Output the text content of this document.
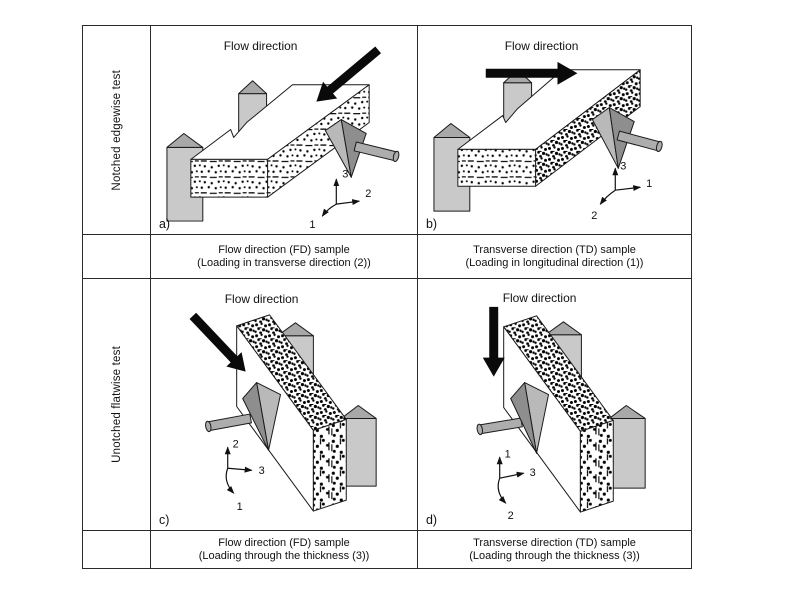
Notched edgewise test
Flow direction
3
2
1
a)
Flow direction
3
1
2
b)
Flow direction (FD) sample
(Loading in transverse direction (2))
Transverse direction (TD) sample
(Loading in longitudinal direction (1))
Unotched flatwise test
Flow direction
2
3
1
c)
Flow direction
1
3
2
d)
Flow direction (FD) sample
(Loading through the thickness (3))
Transverse direction (TD) sample
(Loading through the thickness (3))
